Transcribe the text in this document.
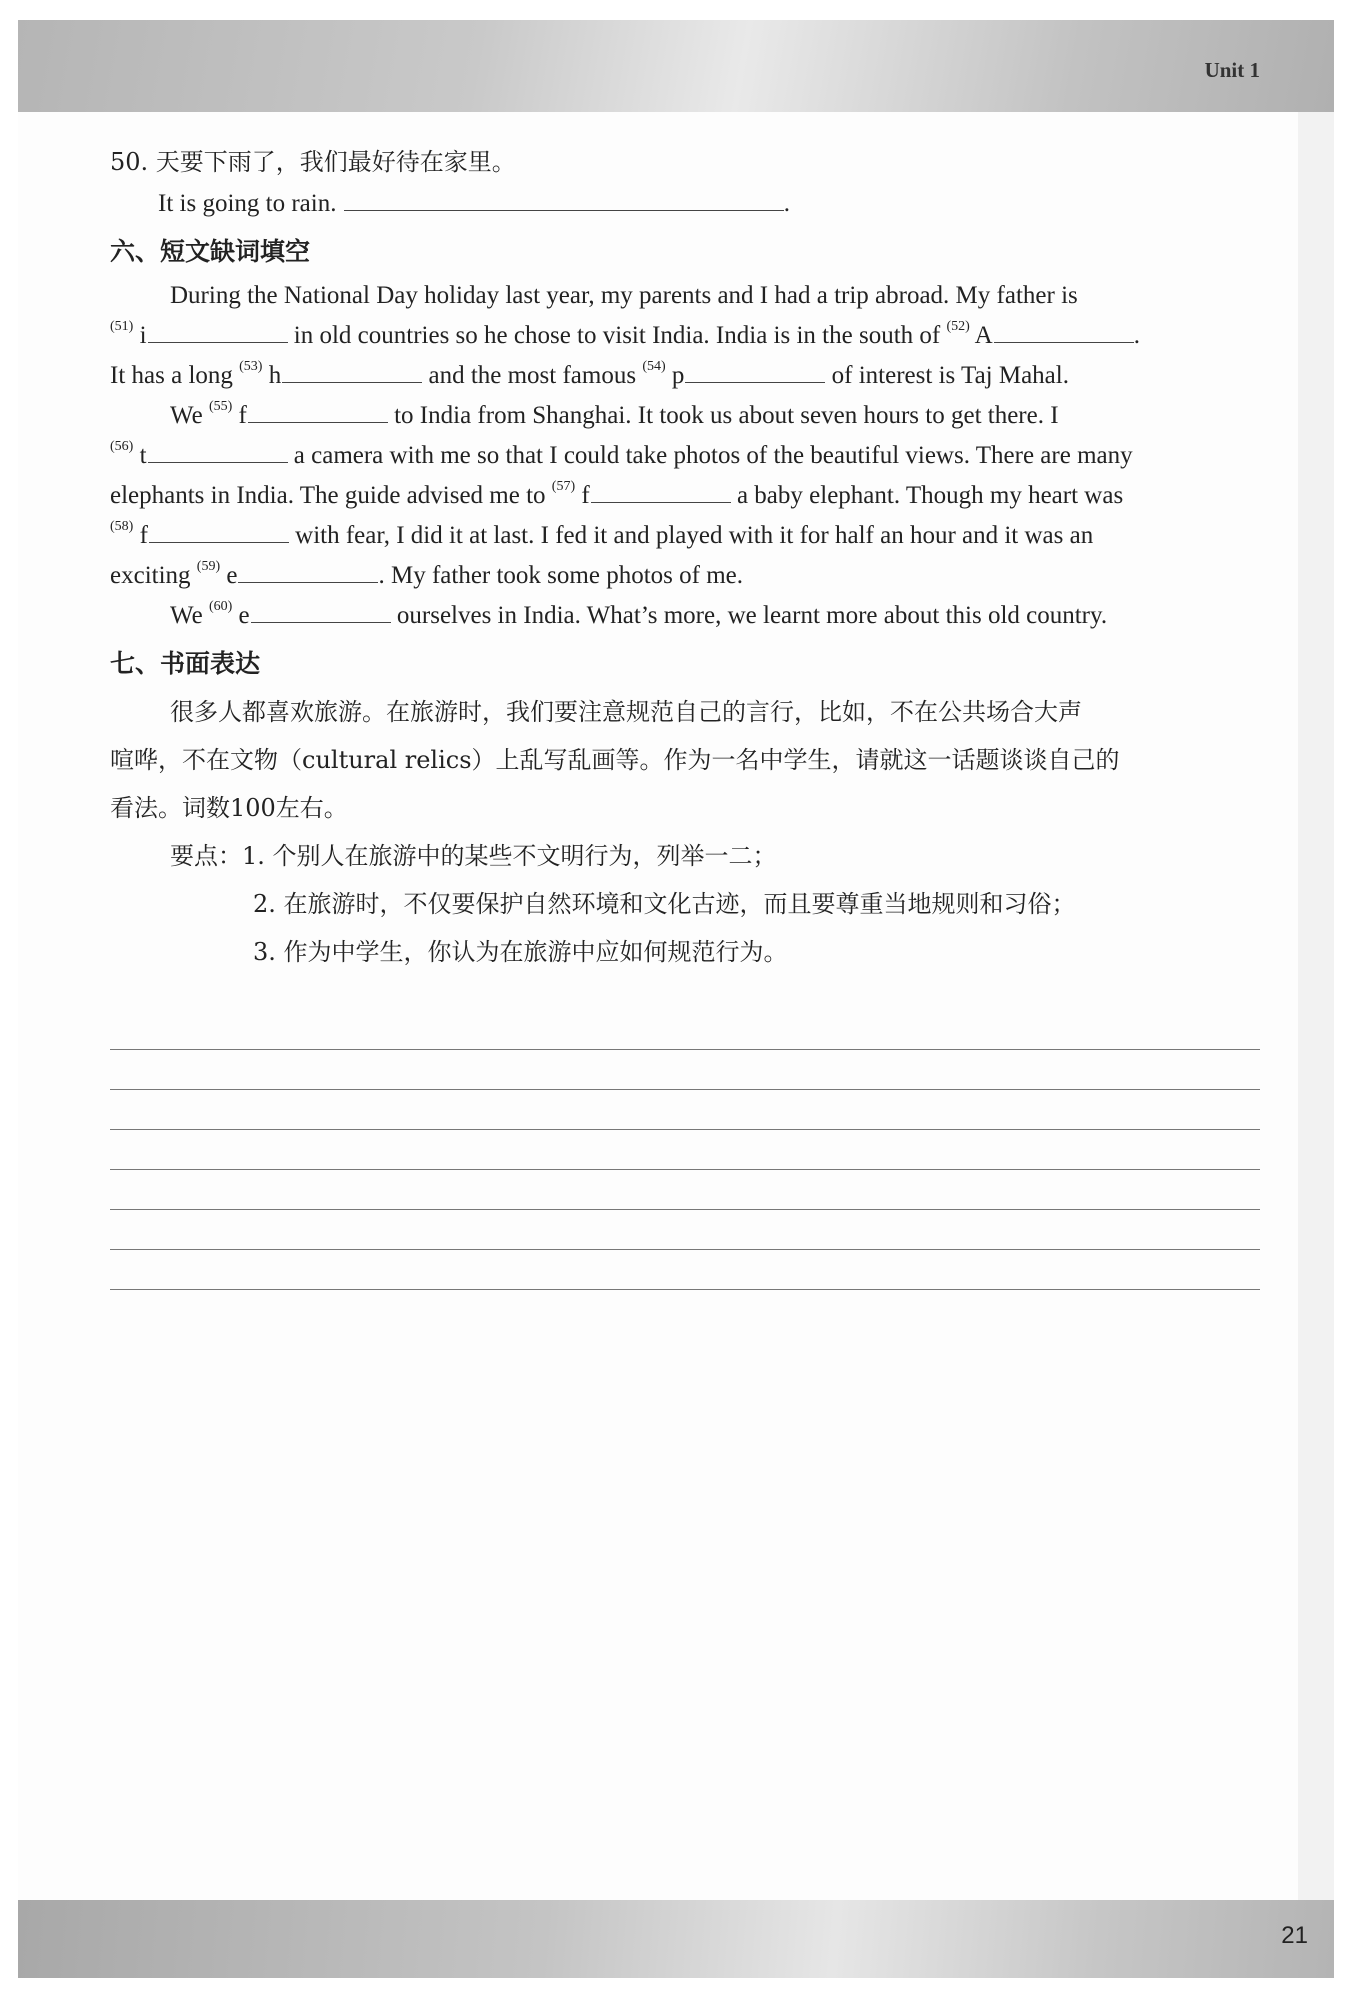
Unit 1
21
50. 天要下雨了，我们最好待在家里。
It is going to rain.	.
六、短文缺词填空
During the National Day holiday last year, my parents and I had a trip abroad. My father is
$^{(51)}$ i	in old countries so he chose to visit India. India is in the south of $^{(52)}$ A	.
It has a long $^{(53)}$ h	and the most famous $^{(54)}$ p	of interest is Taj Mahal.
We $^{(55)}$ f	to India from Shanghai. It took us about seven hours to get there. I
$^{(56)}$ t	a camera with me so that I could take photos of the beautiful views. There are many
elephants in India. The guide advised me to $^{(57)}$ f	a baby elephant. Though my heart was
$^{(58)}$ f	with fear, I did it at last. I fed it and played with it for half an hour and it was an
exciting $^{(59)}$ e	. My father took some photos of me.
We $^{(60)}$ e	ourselves in India. What’s more, we learnt more about this old country.
七、书面表达
很多人都喜欢旅游。在旅游时，我们要注意规范自己的言行，比如，不在公共场合大声
喧哗，不在文物（cultural relics）上乱写乱画等。作为一名中学生，请就这一话题谈谈自己的
看法。词数100左右。
要点：1. 个别人在旅游中的某些不文明行为，列举一二；
2. 在旅游时，不仅要保护自然环境和文化古迹，而且要尊重当地规则和习俗；
3. 作为中学生，你认为在旅游中应如何规范行为。
